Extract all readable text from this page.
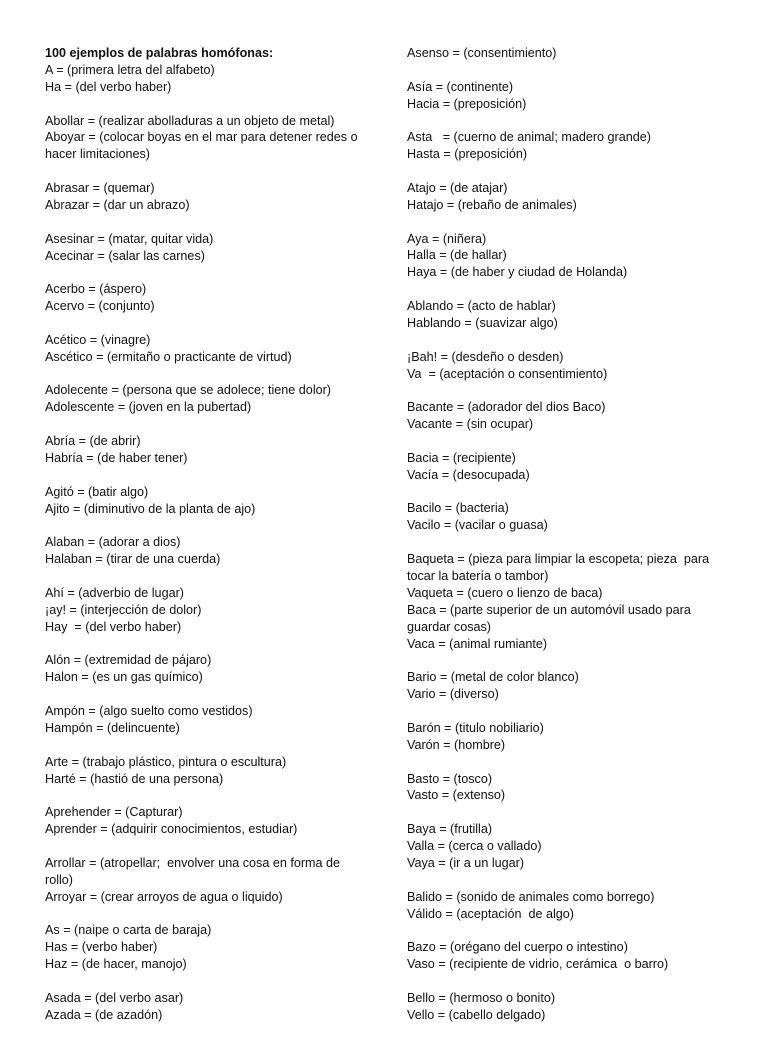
100 ejemplos de palabras homófonas:
A = (primera letra del alfabeto)
Ha = (del verbo haber)
Abollar = (realizar abolladuras a un objeto de metal)
Aboyar = (colocar boyas en el mar para detener redes o hacer limitaciones)
Abrasar = (quemar)
Abrazar = (dar un abrazo)
Asesinar = (matar, quitar vida)
Acecinar = (salar las carnes)
Acerbo = (áspero)
Acervo = (conjunto)
Acético = (vinagre)
Ascético = (ermitaño o practicante de virtud)
Adolecente = (persona que se adolece; tiene dolor)
Adolescente = (joven en la pubertad)
Abría = (de abrir)
Habría = (de haber tener)
Agitó = (batir algo)
Ajito = (diminutivo de la planta de ajo)
Alaban = (adorar a dios)
Halaban = (tirar de una cuerda)
Ahí = (adverbio de lugar)
¡ay! = (interjección de dolor)
Hay  = (del verbo haber)
Alón = (extremidad de pájaro)
Halon = (es un gas químico)
Ampón = (algo suelto como vestidos)
Hampón = (delincuente)
Arte = (trabajo plástico, pintura o escultura)
Harté = (hastió de una persona)
Aprehender = (Capturar)
Aprender = (adquirir conocimientos, estudiar)
Arrollar = (atropellar;  envolver una cosa en forma de rollo)
Arroyar = (crear arroyos de agua o liquido)
As = (naipe o carta de baraja)
Has = (verbo haber)
Haz = (de hacer, manojo)
Asada = (del verbo asar)
Azada = (de azadón)
Asenso = (consentimiento)
Asía = (continente)
Hacia = (preposición)
Asta   = (cuerno de animal; madero grande)
Hasta = (preposición)
Atajo = (de atajar)
Hatajo = (rebaño de animales)
Aya = (niñera)
Halla = (de hallar)
Haya = (de haber y ciudad de Holanda)
Ablando = (acto de hablar)
Hablando = (suavizar algo)
¡Bah! = (desdeño o desden)
Va  = (aceptación o consentimiento)
Bacante = (adorador del dios Baco)
Vacante = (sin ocupar)
Bacia = (recipiente)
Vacía = (desocupada)
Bacilo = (bacteria)
Vacilo = (vacilar o guasa)
Baqueta = (pieza para limpiar la escopeta; pieza  para tocar la batería o tambor)
Vaqueta = (cuero o lienzo de baca)
Baca = (parte superior de un automóvil usado para guardar cosas)
Vaca = (animal rumiante)
Bario = (metal de color blanco)
Vario = (diverso)
Barón = (titulo nobiliario)
Varón = (hombre)
Basto = (tosco)
Vasto = (extenso)
Baya = (frutilla)
Valla = (cerca o vallado)
Vaya = (ir a un lugar)
Balido = (sonido de animales como borrego)
Válido = (aceptación  de algo)
Bazo = (orégano del cuerpo o intestino)
Vaso = (recipiente de vidrio, cerámica  o barro)
Bello = (hermoso o bonito)
Vello = (cabello delgado)
